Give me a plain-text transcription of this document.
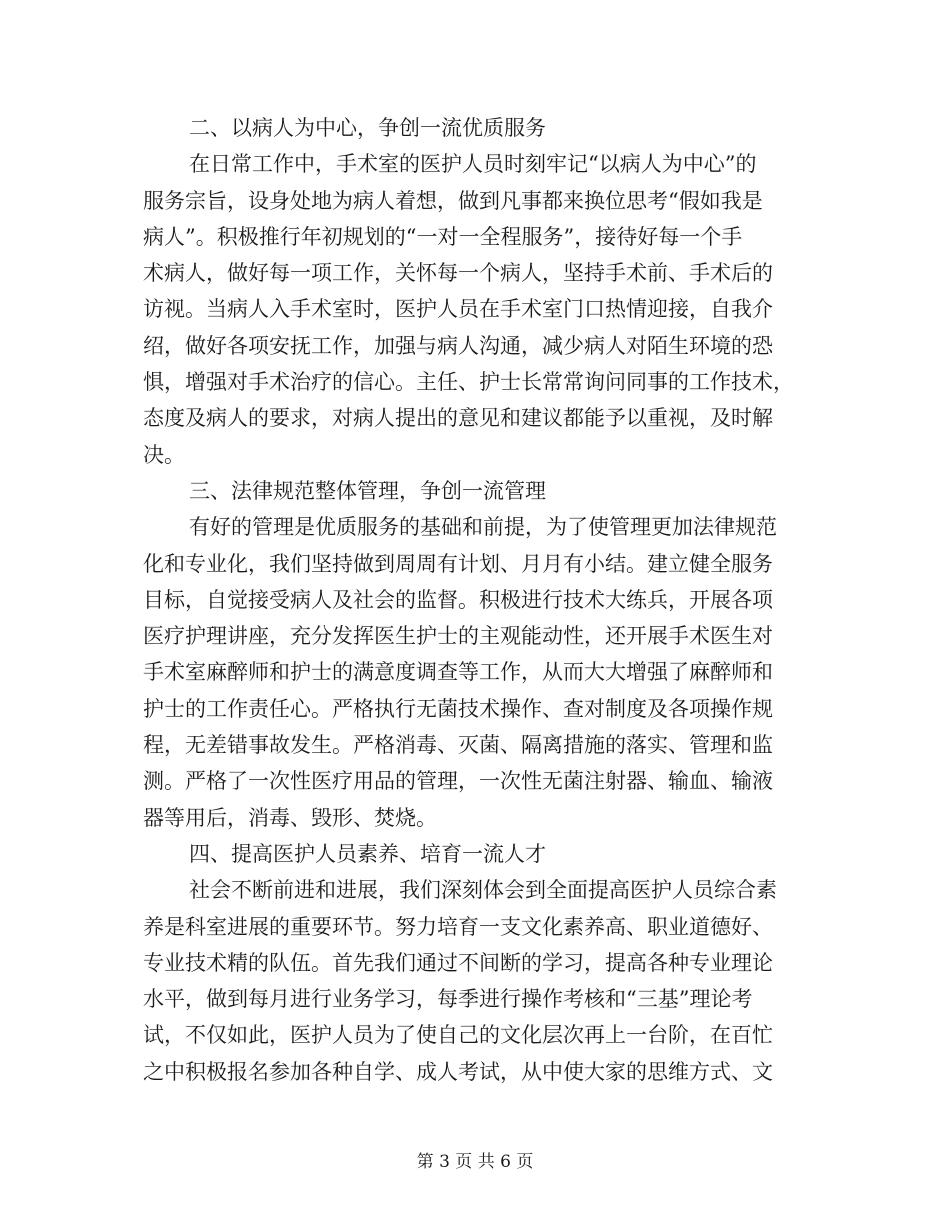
二、以病人为中心，争创一流优质服务
在日常工作中，手术室的医护人员时刻牢记“以病人为中心”的
服务宗旨，设身处地为病人着想，做到凡事都来换位思考“假如我是
病人”。积极推行年初规划的“一对一全程服务”，接待好每一个手
术病人，做好每一项工作，关怀每一个病人，坚持手术前、手术后的
访视。当病人入手术室时，医护人员在手术室门口热情迎接，自我介
绍，做好各项安抚工作，加强与病人沟通，减少病人对陌生环境的恐
惧，增强对手术治疗的信心。主任、护士长常常询问同事的工作技术，
态度及病人的要求，对病人提出的意见和建议都能予以重视，及时解
决。
三、法律规范整体管理，争创一流管理
有好的管理是优质服务的基础和前提，为了使管理更加法律规范
化和专业化，我们坚持做到周周有计划、月月有小结。建立健全服务
目标，自觉接受病人及社会的监督。积极进行技术大练兵，开展各项
医疗护理讲座，充分发挥医生护士的主观能动性，还开展手术医生对
手术室麻醉师和护士的满意度调查等工作，从而大大增强了麻醉师和
护士的工作责任心。严格执行无菌技术操作、查对制度及各项操作规
程，无差错事故发生。严格消毒、灭菌、隔离措施的落实、管理和监
测。严格了一次性医疗用品的管理，一次性无菌注射器、输血、输液
器等用后，消毒、毁形、焚烧。
四、提高医护人员素养、培育一流人才
社会不断前进和进展，我们深刻体会到全面提高医护人员综合素
养是科室进展的重要环节。努力培育一支文化素养高、职业道德好、
专业技术精的队伍。首先我们通过不间断的学习，提高各种专业理论
水平，做到每月进行业务学习，每季进行操作考核和“三基”理论考
试，不仅如此，医护人员为了使自己的文化层次再上一台阶，在百忙
之中积极报名参加各种自学、成人考试，从中使大家的思维方式、文
第 3 页 共 6 页
